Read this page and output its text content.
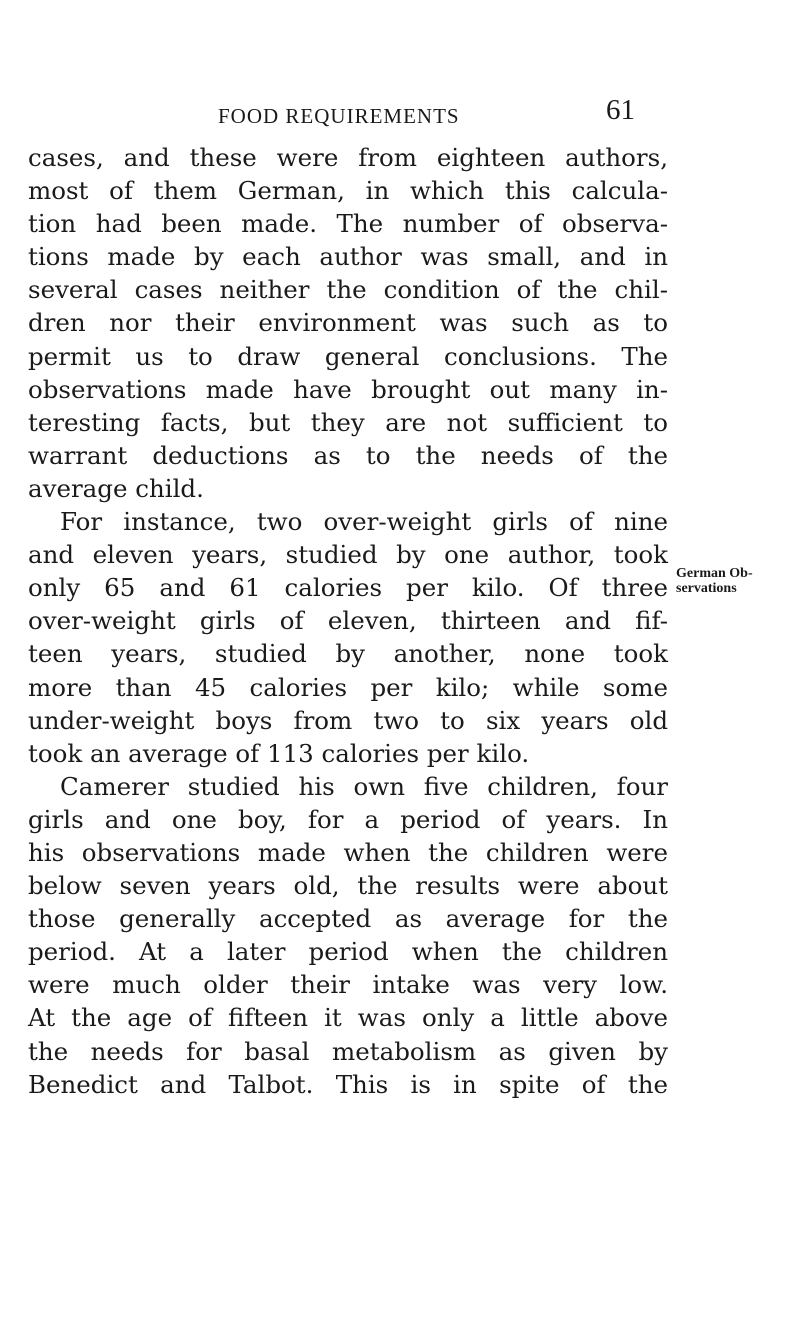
FOOD REQUIREMENTS	61
cases, and these were from eighteen authors,
most of them German, in which this calcula-
tion had been made. The number of observa-
tions made by each author was small, and in
several cases neither the condition of the chil-
dren nor their environment was such as to
permit us to draw general conclusions. The
observations made have brought out many in-
teresting facts, but they are not sufficient to
warrant deductions as to the needs of the
average child.
For instance, two over-weight girls of nine
and eleven years, studied by one author, took
only 65 and 61 calories per kilo. Of three
over-weight girls of eleven, thirteen and fif-
teen years, studied by another, none took
more than 45 calories per kilo; while some
under-weight boys from two to six years old
took an average of 113 calories per kilo.
Camerer studied his own five children, four
girls and one boy, for a period of years. In
his observations made when the children were
below seven years old, the results were about
those generally accepted as average for the
period. At a later period when the children
were much older their intake was very low.
At the age of fifteen it was only a little above
the needs for basal metabolism as given by
Benedict and Talbot. This is in spite of the
German Ob-
servations
